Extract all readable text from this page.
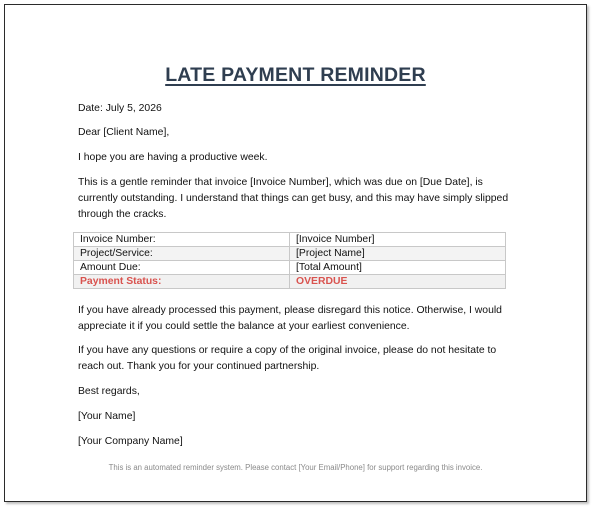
LATE PAYMENT REMINDER
Date: July 5, 2026
Dear [Client Name],
I hope you are having a productive week.
This is a gentle reminder that invoice [Invoice Number], which was due on [Due Date], is
currently outstanding. I understand that things can get busy, and this may have simply slipped
through the cracks.
Invoice Number:	[Invoice Number]
Project/Service:	[Project Name]
Amount Due:	[Total Amount]
Payment Status:	OVERDUE
If you have already processed this payment, please disregard this notice. Otherwise, I would
appreciate it if you could settle the balance at your earliest convenience.
If you have any questions or require a copy of the original invoice, please do not hesitate to
reach out. Thank you for your continued partnership.
Best regards,
[Your Name]
[Your Company Name]
This is an automated reminder system. Please contact [Your Email/Phone] for support regarding this invoice.
